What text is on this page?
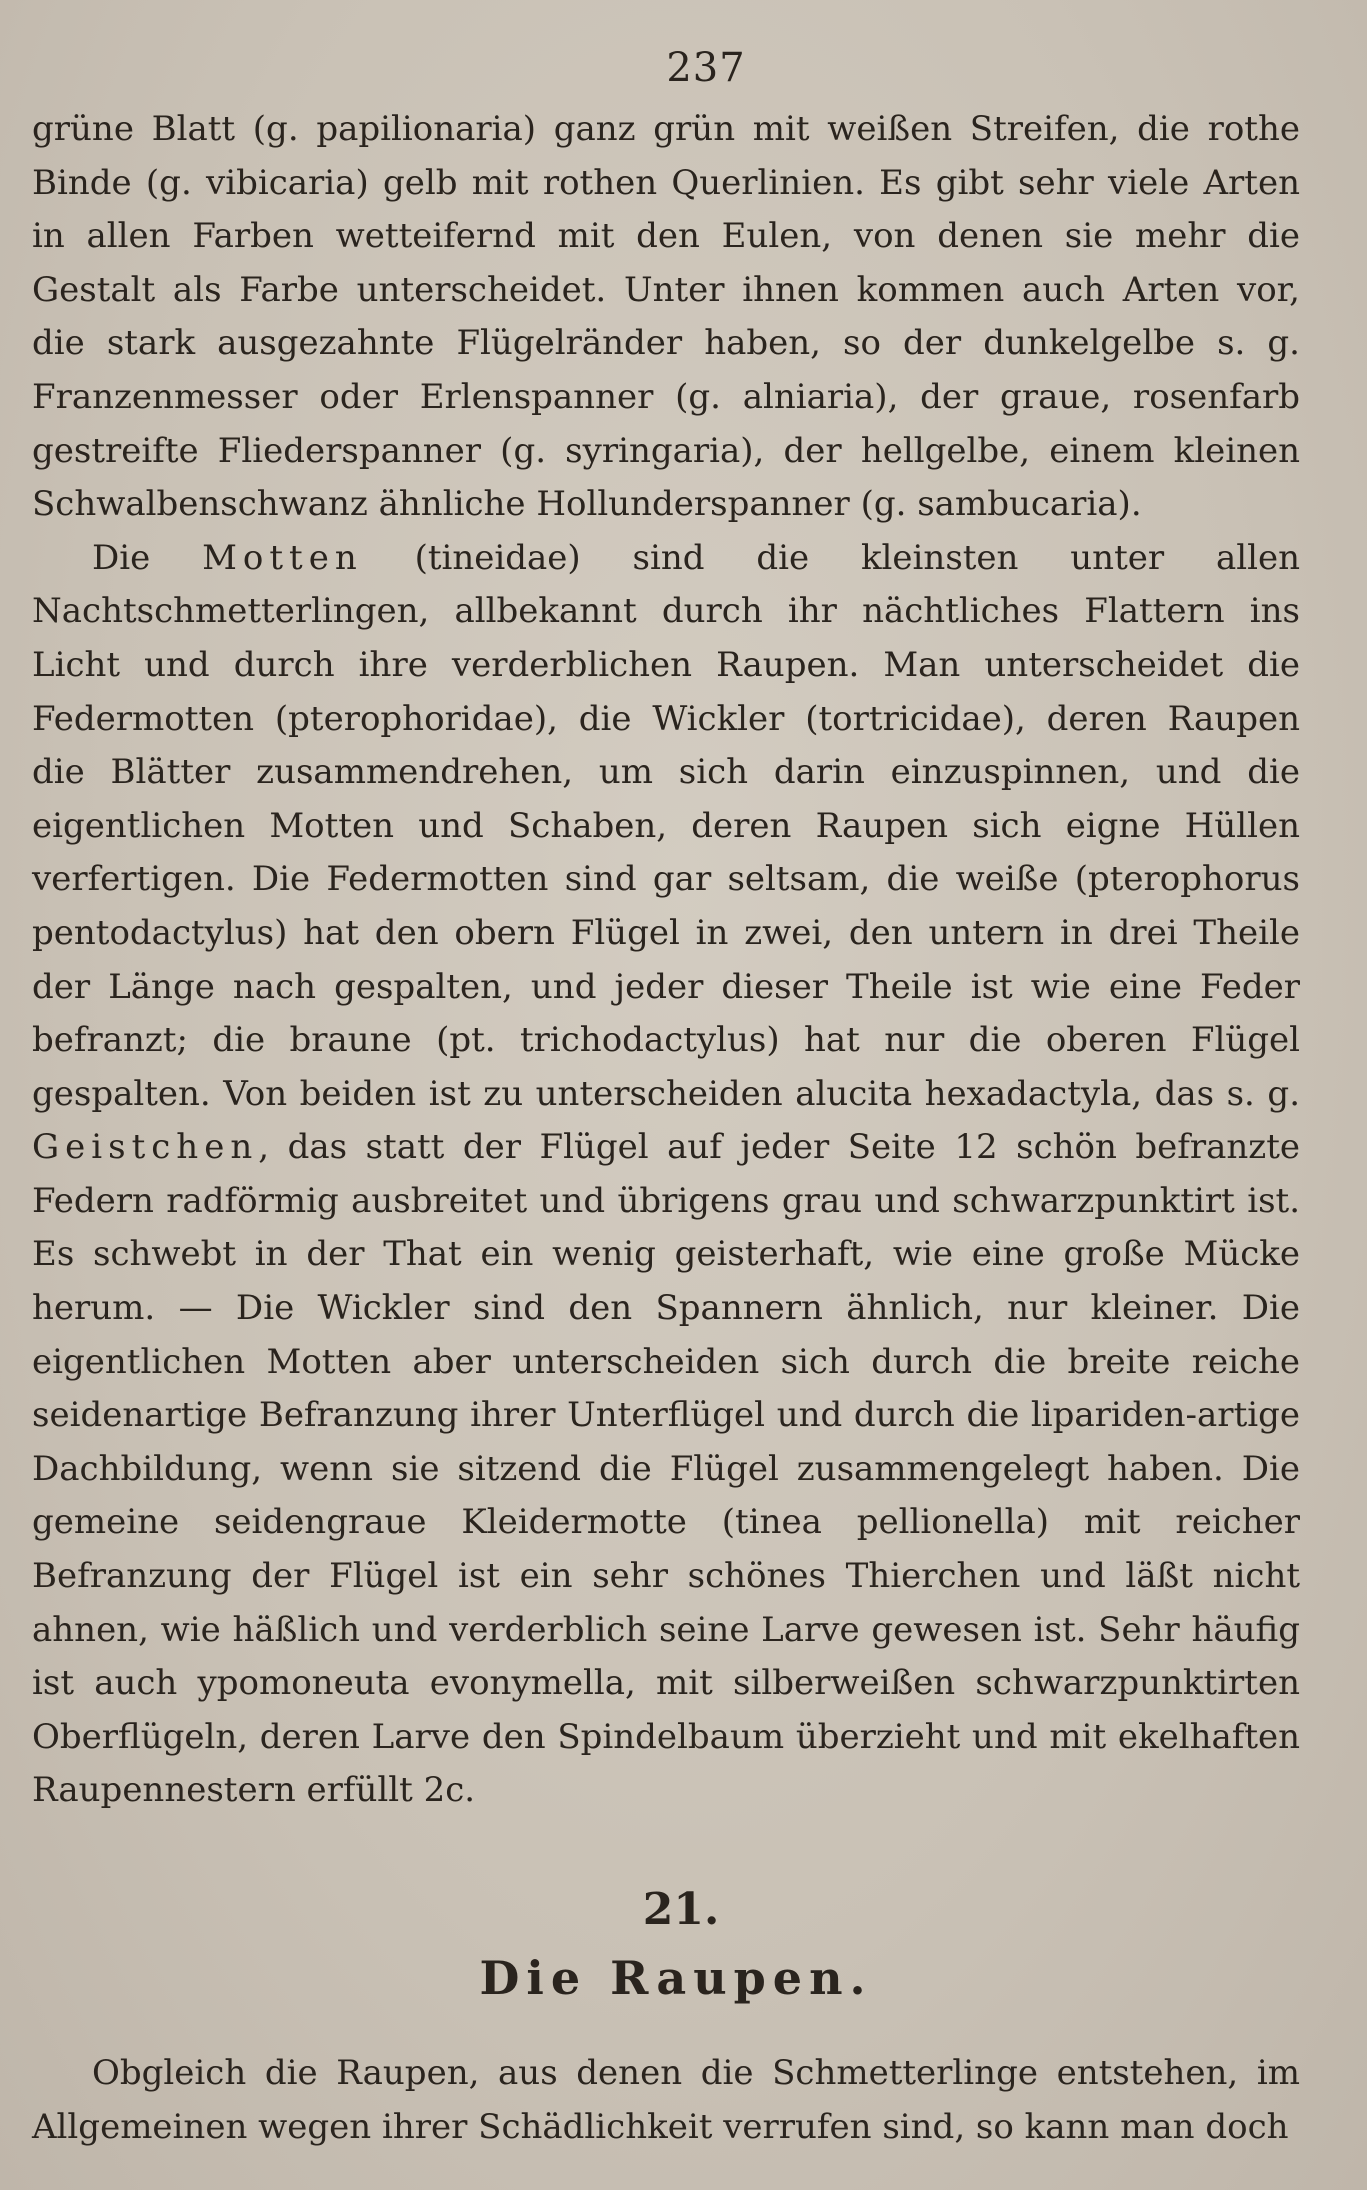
237

grüne Blatt (g. papilionaria) ganz grün mit weißen Streifen, die rothe Binde (g. vibicaria) gelb mit rothen Querlinien. Es gibt sehr viele Arten in allen Farben wetteifernd mit den Eulen, von denen sie mehr die Gestalt als Farbe unterscheidet. Unter ihnen kommen auch Arten vor, die stark ausgezahnte Flügelränder haben, so der dunkelgelbe s. g. Franzenmesser oder Erlenspanner (g. alniaria), der graue, rosenfarb gestreifte Fliederspanner (g. syringaria), der hellgelbe, einem kleinen Schwalbenschwanz ähnliche Hollunderspanner (g. sambucaria).

Die Motten (tineidae) sind die kleinsten unter allen Nachtschmetterlingen, allbekannt durch ihr nächtliches Flattern ins Licht und durch ihre verderblichen Raupen. Man unterscheidet die Federmotten (pterophoridae), die Wickler (tortricidae), deren Raupen die Blätter zusammendrehen, um sich darin einzuspinnen, und die eigentlichen Motten und Schaben, deren Raupen sich eigne Hüllen verfertigen. Die Federmotten sind gar seltsam, die weiße (pterophorus pentodactylus) hat den obern Flügel in zwei, den untern in drei Theile der Länge nach gespalten, und jeder dieser Theile ist wie eine Feder befranzt; die braune (pt. trichodactylus) hat nur die oberen Flügel gespalten. Von beiden ist zu unterscheiden alucita hexadactyla, das s. g. Geistchen, das statt der Flügel auf jeder Seite 12 schön befranzte Federn radförmig ausbreitet und übrigens grau und schwarzpunktirt ist. Es schwebt in der That ein wenig geisterhaft, wie eine große Mücke herum. — Die Wickler sind den Spannern ähnlich, nur kleiner. Die eigentlichen Motten aber unterscheiden sich durch die breite reiche seidenartige Befranzung ihrer Unterflügel und durch die lipariden-artige Dachbildung, wenn sie sitzend die Flügel zusammengelegt haben. Die gemeine seidengraue Kleidermotte (tinea pellionella) mit reicher Befranzung der Flügel ist ein sehr schönes Thierchen und läßt nicht ahnen, wie häßlich und verderblich seine Larve gewesen ist. Sehr häufig ist auch ypomoneuta evonymella, mit silberweißen schwarzpunktirten Oberflügeln, deren Larve den Spindelbaum überzieht und mit ekelhaften Raupennestern erfüllt 2c.

21.
Die Raupen.

Obgleich die Raupen, aus denen die Schmetterlinge entstehen, im Allgemeinen wegen ihrer Schädlichkeit verrufen sind, so kann man doch
